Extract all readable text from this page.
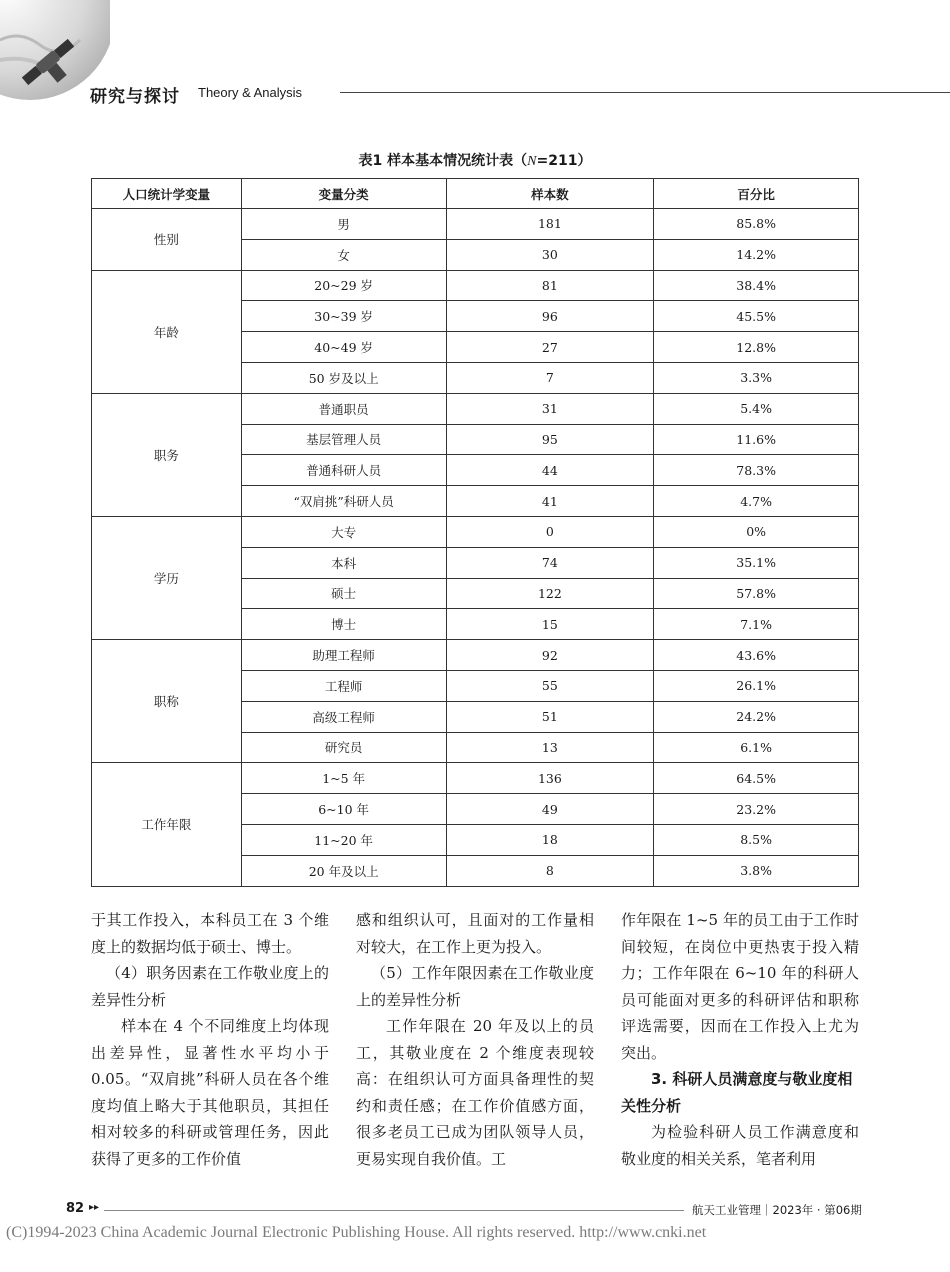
研究与探讨 Theory & Analysis
表1 样本基本情况统计表（N=211）
人口统计学变量	变量分类	样本数	百分比
性别	男	181	85.8%
	女	30	14.2%
年龄	20~29 岁	81	38.4%
	30~39 岁	96	45.5%
	40~49 岁	27	12.8%
	50 岁及以上	7	3.3%
职务	普通职员	31	5.4%
	基层管理人员	95	11.6%
	普通科研人员	44	78.3%
	“双肩挑”科研人员	41	4.7%
学历	大专	0	0%
	本科	74	35.1%
	硕士	122	57.8%
	博士	15	7.1%
职称	助理工程师	92	43.6%
	工程师	55	26.1%
	高级工程师	51	24.2%
	研究员	13	6.1%
工作年限	1~5 年	136	64.5%
	6~10 年	49	23.2%
	11~20 年	18	8.5%
	20 年及以上	8	3.8%

于其工作投入，本科员工在 3 个维度上的数据均低于硕士、博士。

（4）职务因素在工作敬业度上的差异性分析

样本在 4 个不同维度上均体现出差异性，显著性水平均小于 0.05。“双肩挑”科研人员在各个维度均值上略大于其他职员，其担任相对较多的科研或管理任务，因此获得了更多的工作价值

感和组织认可，且面对的工作量相对较大，在工作上更为投入。

（5）工作年限因素在工作敬业度上的差异性分析

工作年限在 20 年及以上的员工，其敬业度在 2 个维度表现较高：在组织认可方面具备理性的契约和责任感；在工作价值感方面，很多老员工已成为团队领导人员，更易实现自我价值。工

作年限在 1~5 年的员工由于工作时间较短，在岗位中更热衷于投入精力；工作年限在 6~10 年的科研人员可能面对更多的科研评估和职称评选需要，因而在工作投入上尤为突出。

3. 科研人员满意度与敬业度相关性分析

为检验科研人员工作满意度和敬业度的相关关系，笔者利用

82 ▸▸	航天工业管理｜2023年 · 第06期
(C)1994-2023 China Academic Journal Electronic Publishing House. All rights reserved. http://www.cnki.net
